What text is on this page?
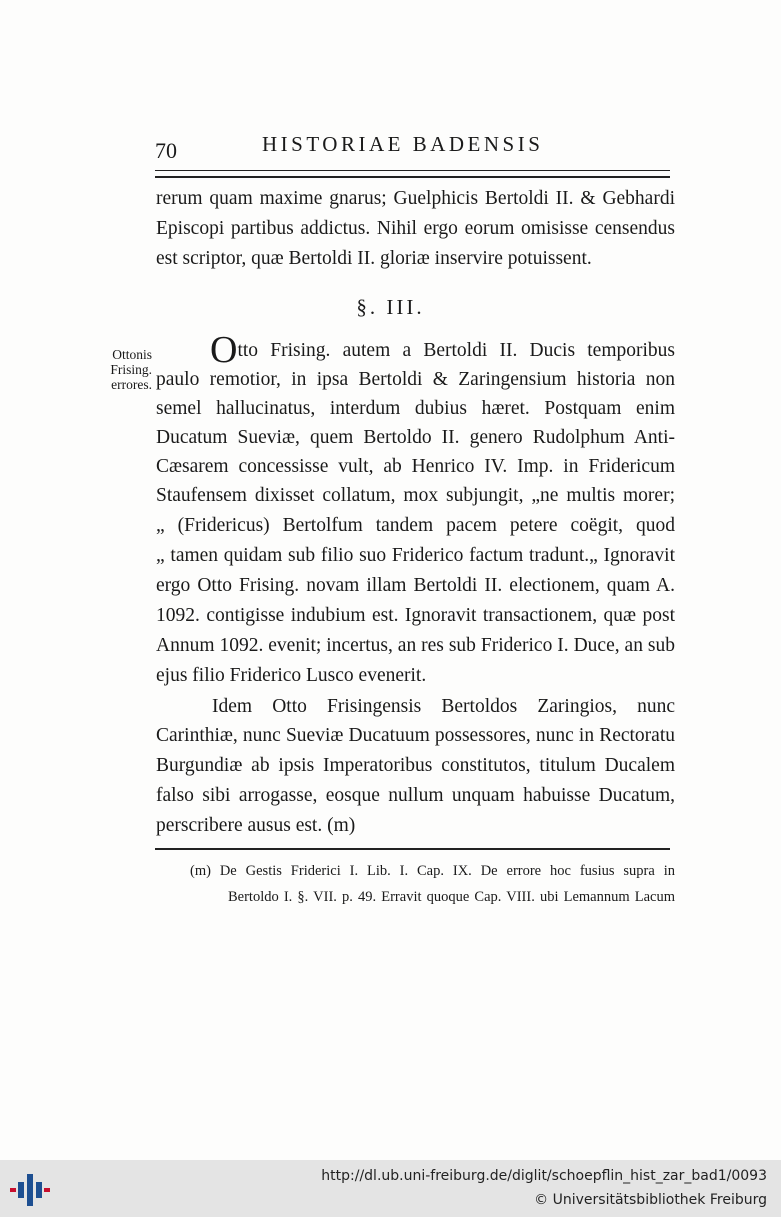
70	HISTORIAE BADENSIS
rerum quam maxime gnarus; Guelphicis Bertoldi II. & Gebhardi
Episcopi partibus addictus. Nihil ergo eorum omisisse censendus
est scriptor, quæ Bertoldi II. gloriæ inservire potuissent.
§. III.
Ottonis
Frising.
errores.
Otto Frising. autem a Bertoldi II. Ducis temporibus
paulo remotior, in ipsa Bertoldi & Zaringensium historia non
semel hallucinatus, interdum dubius hæret. Postquam enim
Ducatum Sueviæ, quem Bertoldo II. genero Rudolphum Anti-
Cæsarem concessisse vult, ab Henrico IV. Imp. in Fridericum
Staufensem dixisset collatum, mox subjungit, „ne multis morer;
„ (Fridericus) Bertolfum tandem pacem petere coëgit, quod
„ tamen quidam sub filio suo Friderico factum tradunt.„ Ignoravit
ergo Otto Frising. novam illam Bertoldi II. electionem, quam A.
1092. contigisse indubium est. Ignoravit transactionem, quæ post
Annum 1092. evenit; incertus, an res sub Friderico I. Duce, an sub
ejus filio Friderico Lusco evenerit.
Idem Otto Frisingensis Bertoldos Zaringios, nunc
Carinthiæ, nunc Sueviæ Ducatuum possessores, nunc in Rectoratu
Burgundiæ ab ipsis Imperatoribus constitutos, titulum Ducalem
falso sibi arrogasse, eosque nullum unquam habuisse Ducatum,
perscribere ausus est. (m)
(m) De Gestis Friderici I. Lib. I. Cap. IX. De errore hoc fusius supra in
Bertoldo I. §. VII. p. 49. Erravit quoque Cap. VIII. ubi Lemannum Lacum
http://dl.ub.uni-freiburg.de/diglit/schoepflin_hist_zar_bad1/0093
© Universitätsbibliothek Freiburg
